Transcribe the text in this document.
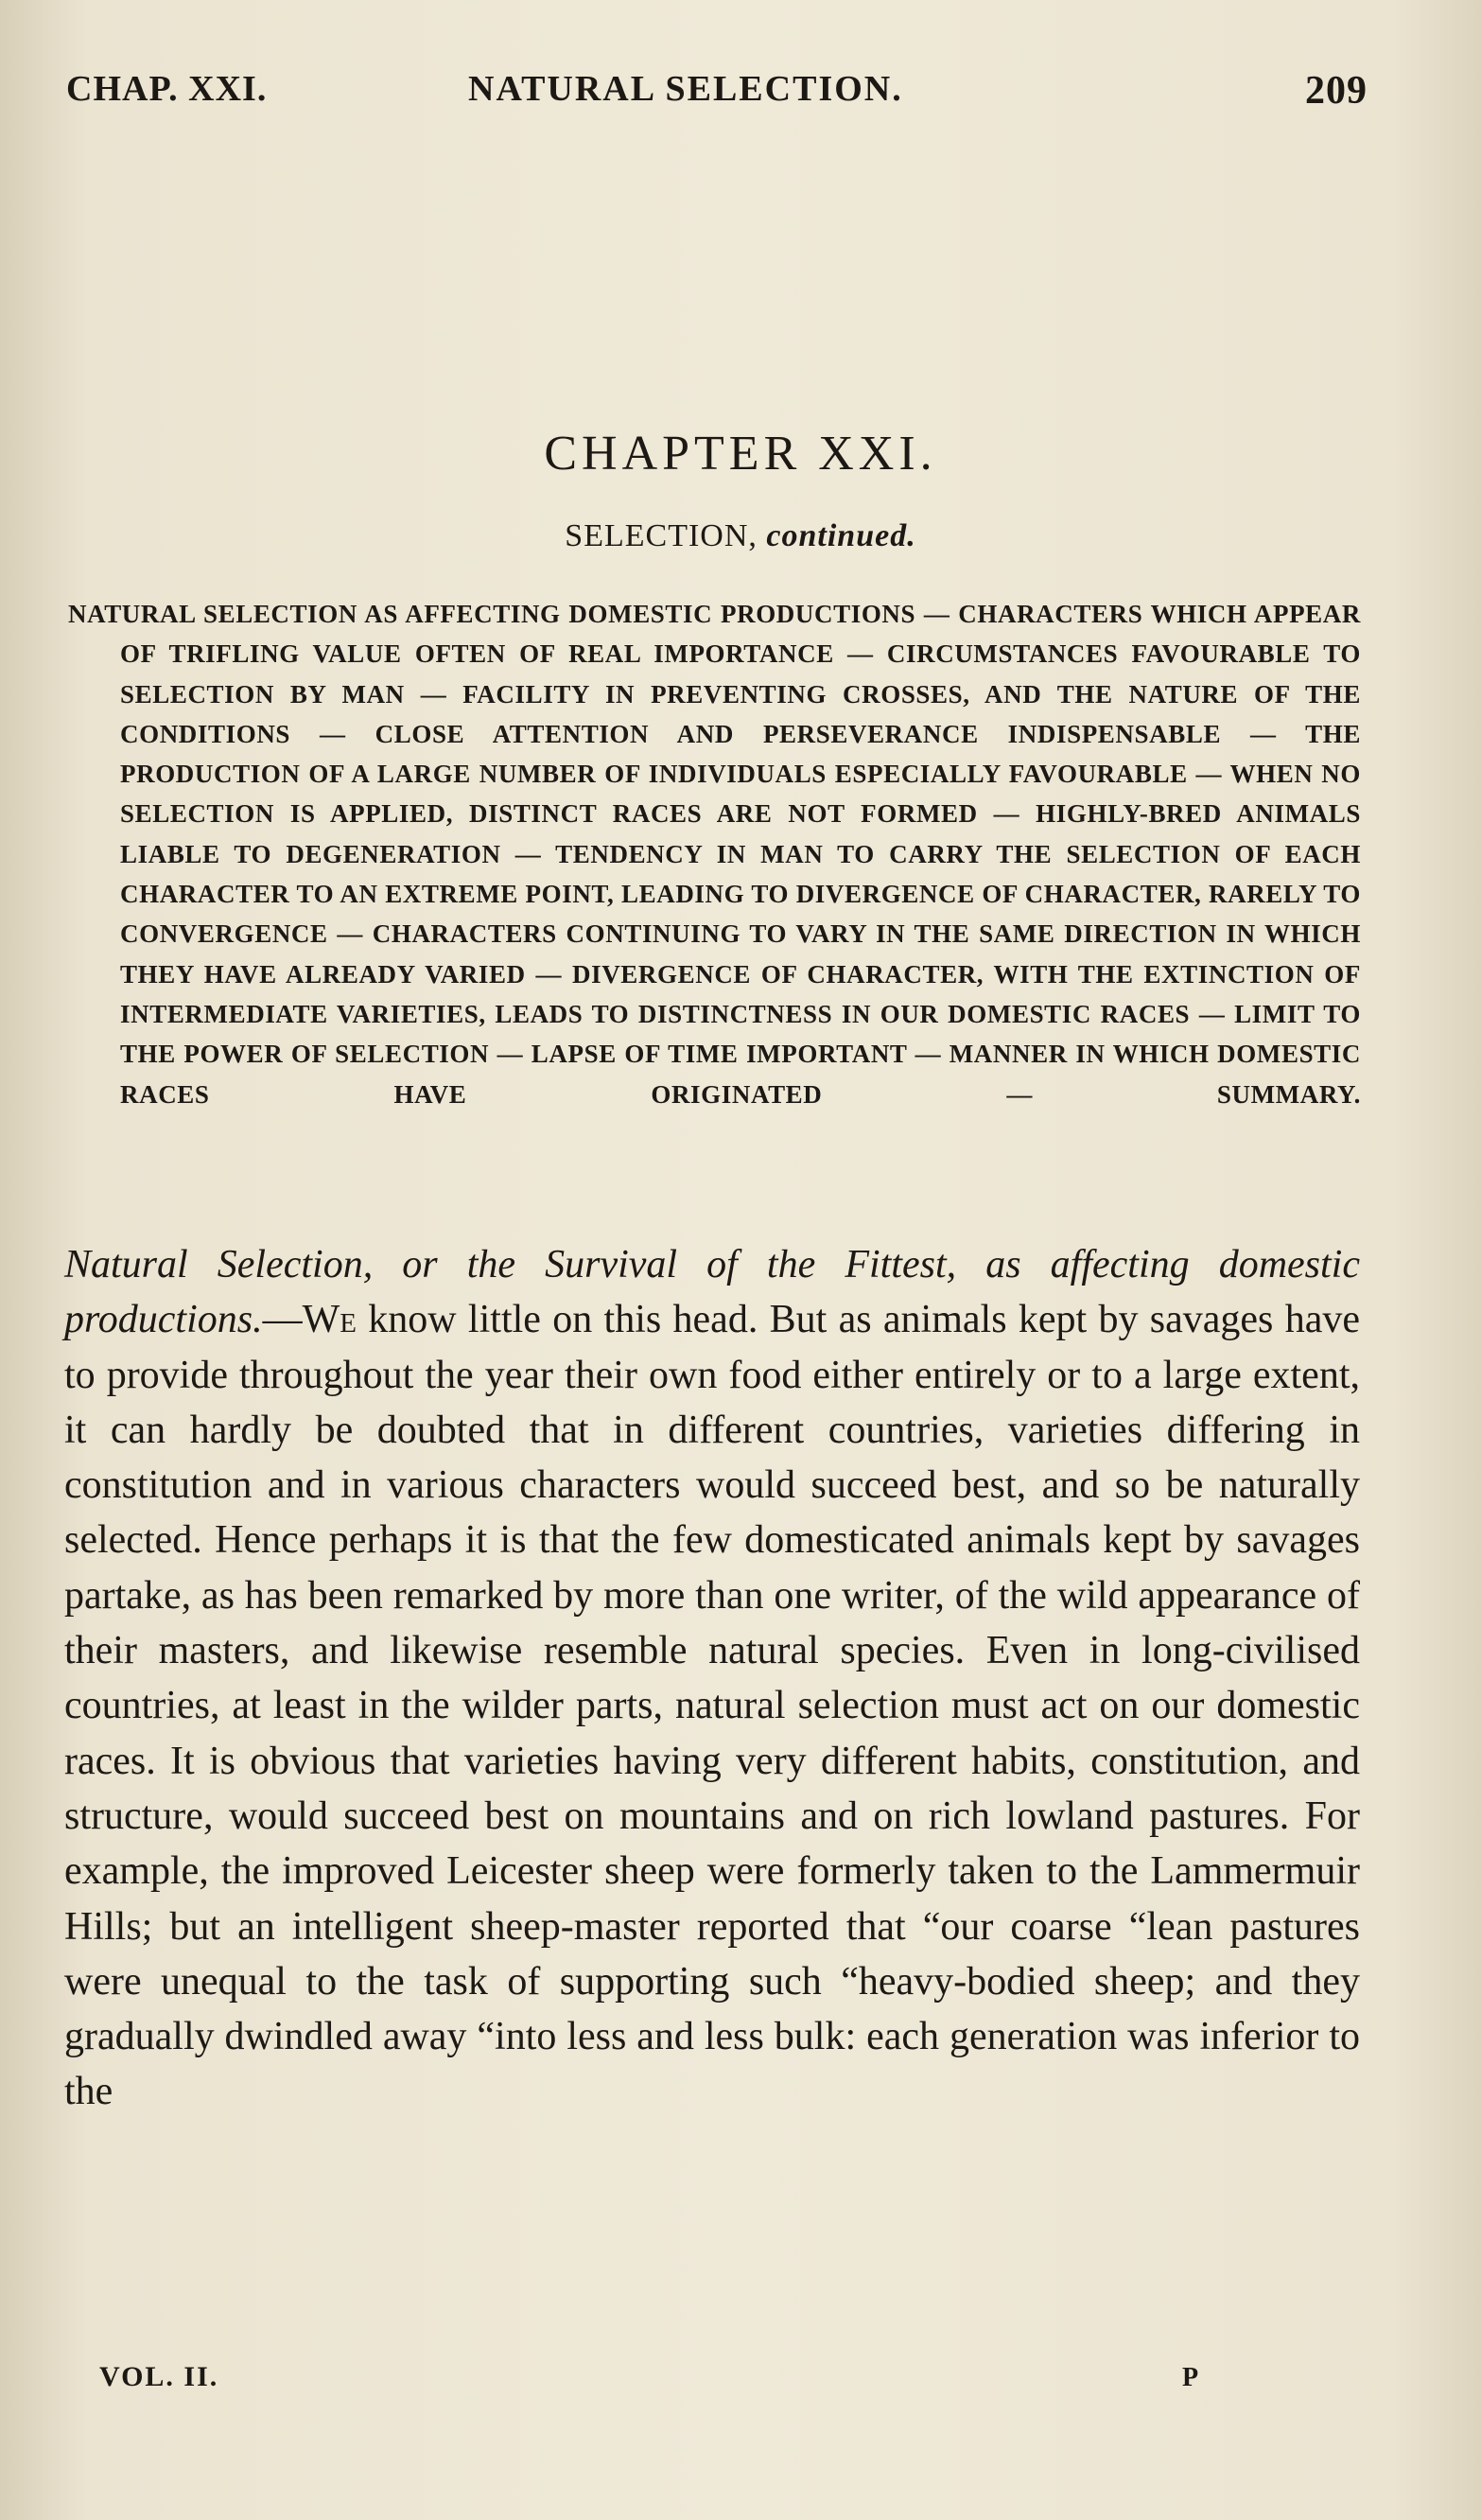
CHAP. XXI.	NATURAL SELECTION.	209
CHAPTER XXI.
SELECTION, continued.
NATURAL SELECTION AS AFFECTING DOMESTIC PRODUCTIONS — CHARACTERS WHICH APPEAR OF TRIFLING VALUE OFTEN OF REAL IMPORTANCE — CIRCUMSTANCES FAVOURABLE TO SELECTION BY MAN — FACILITY IN PREVENTING CROSSES, AND THE NATURE OF THE CONDITIONS — CLOSE ATTENTION AND PERSEVERANCE INDISPENSABLE — THE PRODUCTION OF A LARGE NUMBER OF INDIVIDUALS ESPECIALLY FAVOURABLE — WHEN NO SELECTION IS APPLIED, DISTINCT RACES ARE NOT FORMED — HIGHLY-BRED ANIMALS LIABLE TO DEGENERATION — TENDENCY IN MAN TO CARRY THE SELECTION OF EACH CHARACTER TO AN EXTREME POINT, LEADING TO DIVERGENCE OF CHARACTER, RARELY TO CONVERGENCE — CHARACTERS CONTINUING TO VARY IN THE SAME DIRECTION IN WHICH THEY HAVE ALREADY VARIED — DIVERGENCE OF CHARACTER, WITH THE EXTINCTION OF INTERMEDIATE VARIETIES, LEADS TO DISTINCTNESS IN OUR DOMESTIC RACES — LIMIT TO THE POWER OF SELECTION — LAPSE OF TIME IMPORTANT — MANNER IN WHICH DOMESTIC RACES HAVE ORIGINATED — SUMMARY.
Natural Selection, or the Survival of the Fittest, as affecting domestic productions.—We know little on this head. But as animals kept by savages have to provide throughout the year their own food either entirely or to a large extent, it can hardly be doubted that in different countries, varieties differing in constitution and in various characters would succeed best, and so be naturally selected. Hence perhaps it is that the few domesticated animals kept by savages partake, as has been remarked by more than one writer, of the wild appearance of their masters, and likewise resemble natural species. Even in long-civilised countries, at least in the wilder parts, natural selection must act on our domestic races. It is obvious that varieties having very different habits, constitution, and structure, would succeed best on mountains and on rich lowland pastures. For example, the improved Leicester sheep were formerly taken to the Lammermuir Hills; but an intelligent sheep-master reported that “our coarse “lean pastures were unequal to the task of supporting such “heavy-bodied sheep; and they gradually dwindled away “into less and less bulk: each generation was inferior to the
VOL. II.	P
